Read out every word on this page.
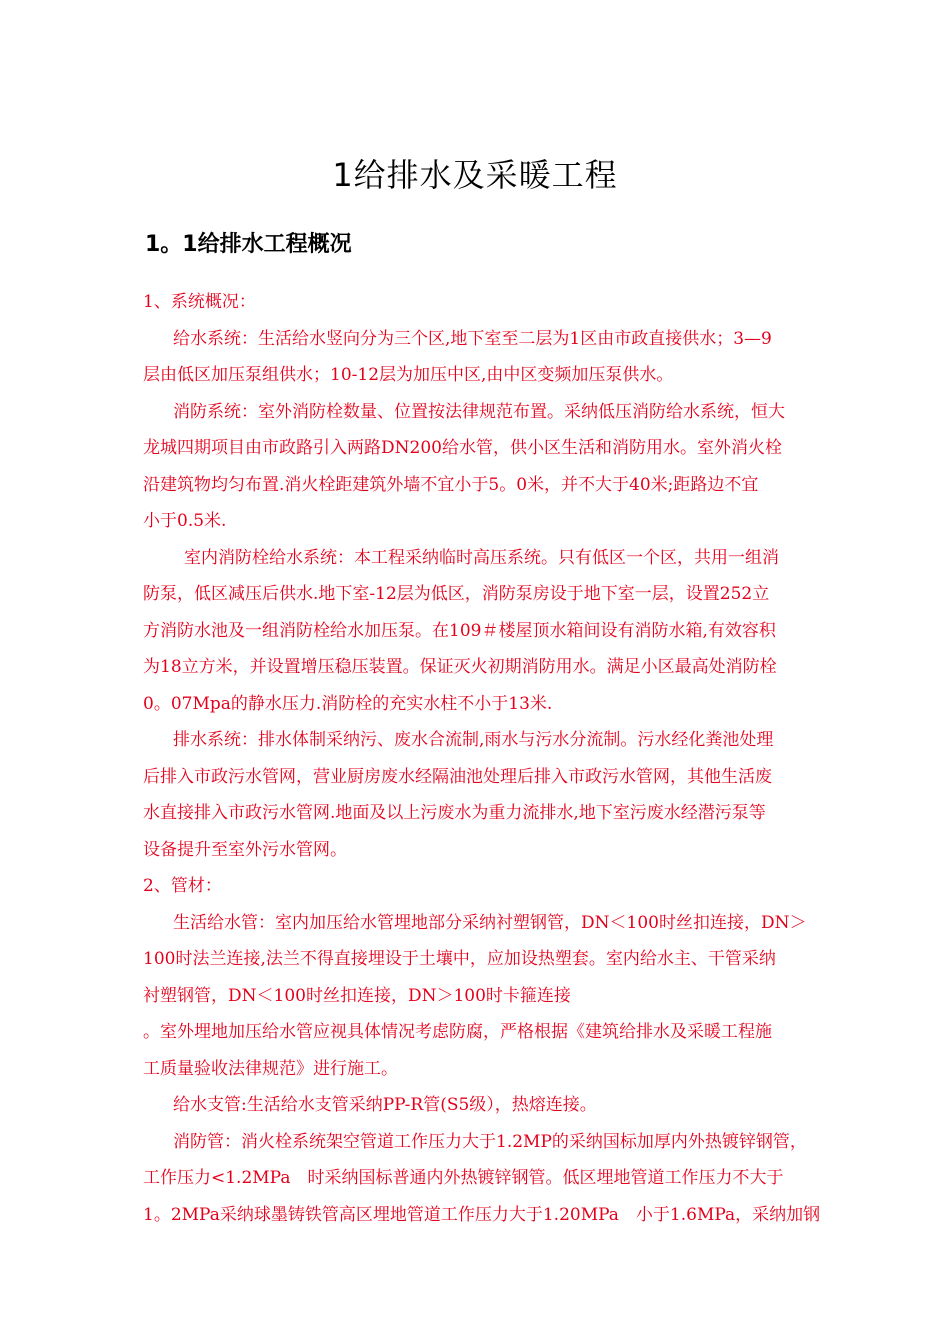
1给排水及采暖工程
1。1给排水工程概况
1、系统概况：
给水系统：生活给水竖向分为三个区,地下室至二层为1区由市政直接供水；3—9
层由低区加压泵组供水；10-12层为加压中区,由中区变频加压泵供水。
消防系统：室外消防栓数量、位置按法律规范布置。采纳低压消防给水系统，恒大
龙城四期项目由市政路引入两路DN200给水管，供小区生活和消防用水。室外消火栓
沿建筑物均匀布置.消火栓距建筑外墙不宜小于5。0米，并不大于40米;距路边不宜
小于0.5米.
室内消防栓给水系统：本工程采纳临时高压系统。只有低区一个区，共用一组消
防泵，低区减压后供水.地下室-12层为低区，消防泵房设于地下室一层，设置252立
方消防水池及一组消防栓给水加压泵。在109＃楼屋顶水箱间设有消防水箱,有效容积
为18立方米，并设置增压稳压装置。保证灭火初期消防用水。满足小区最高处消防栓
0。07Mpa的静水压力.消防栓的充实水柱不小于13米.
排水系统：排水体制采纳污、废水合流制,雨水与污水分流制。污水经化粪池处理
后排入市政污水管网，营业厨房废水经隔油池处理后排入市政污水管网，其他生活废
水直接排入市政污水管网.地面及以上污废水为重力流排水,地下室污废水经潜污泵等
设备提升至室外污水管网。
2、管材：
生活给水管：室内加压给水管埋地部分采纳衬塑钢管，DN＜100时丝扣连接，DN＞
100时法兰连接,法兰不得直接埋设于土壤中，应加设热塑套。室内给水主、干管采纳
衬塑钢管，DN＜100时丝扣连接，DN＞100时卡箍连接
。室外埋地加压给水管应视具体情况考虑防腐，严格根据《建筑给排水及采暖工程施
工质量验收法律规范》进行施工。
给水支管:生活给水支管采纳PP-R管(S5级），热熔连接。
消防管：消火栓系统架空管道工作压力大于1.2MP的采纳国标加厚内外热镀锌钢管，
工作压力<1.2MPa　时采纳国标普通内外热镀锌钢管。低区埋地管道工作压力不大于
1。2MPa采纳球墨铸铁管高区埋地管道工作压力大于1.20MPa　小于1.6MPa，采纳加钢
